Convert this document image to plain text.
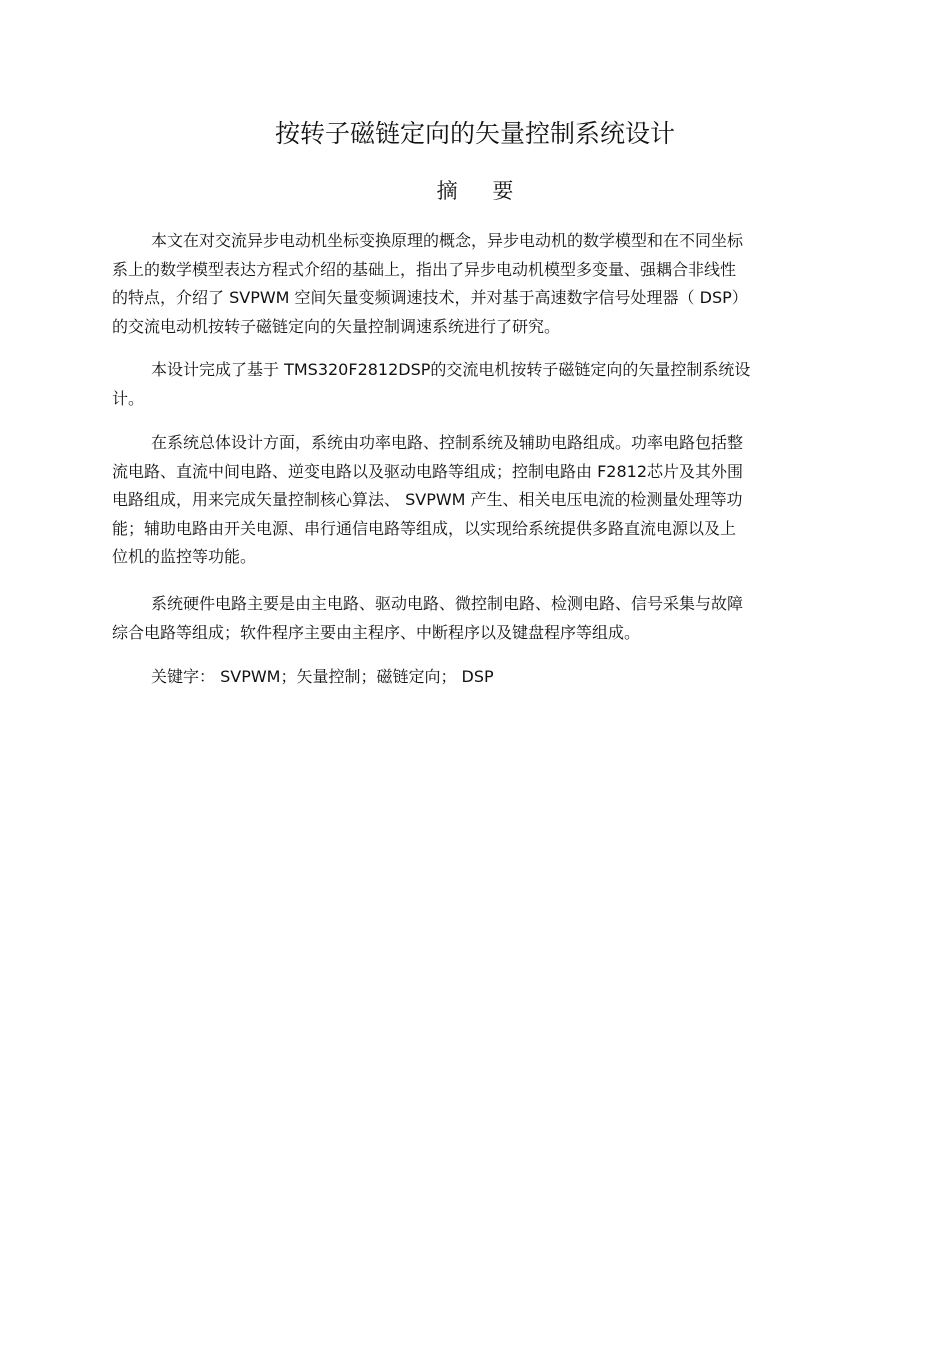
按转子磁链定向的矢量控制系统设计
摘 要
本文在对交流异步电动机坐标变换原理的概念，异步电动机的数学模型和在不同坐标
系上的数学模型表达方程式介绍的基础上，指出了异步电动机模型多变量、强耦合非线性
的特点，介绍了 SVPWM 空间矢量变频调速技术，并对基于高速数字信号处理器（ DSP）
的交流电动机按转子磁链定向的矢量控制调速系统进行了研究。
本设计完成了基于 TMS320F2812DSP的交流电机按转子磁链定向的矢量控制系统设
计。
在系统总体设计方面，系统由功率电路、控制系统及辅助电路组成。功率电路包括整
流电路、直流中间电路、逆变电路以及驱动电路等组成；控制电路由 F2812芯片及其外围
电路组成，用来完成矢量控制核心算法、 SVPWM 产生、相关电压电流的检测量处理等功
能；辅助电路由开关电源、串行通信电路等组成，以实现给系统提供多路直流电源以及上
位机的监控等功能。
系统硬件电路主要是由主电路、驱动电路、微控制电路、检测电路、信号采集与故障
综合电路等组成；软件程序主要由主程序、中断程序以及键盘程序等组成。
关键字： SVPWM；矢量控制；磁链定向； DSP
